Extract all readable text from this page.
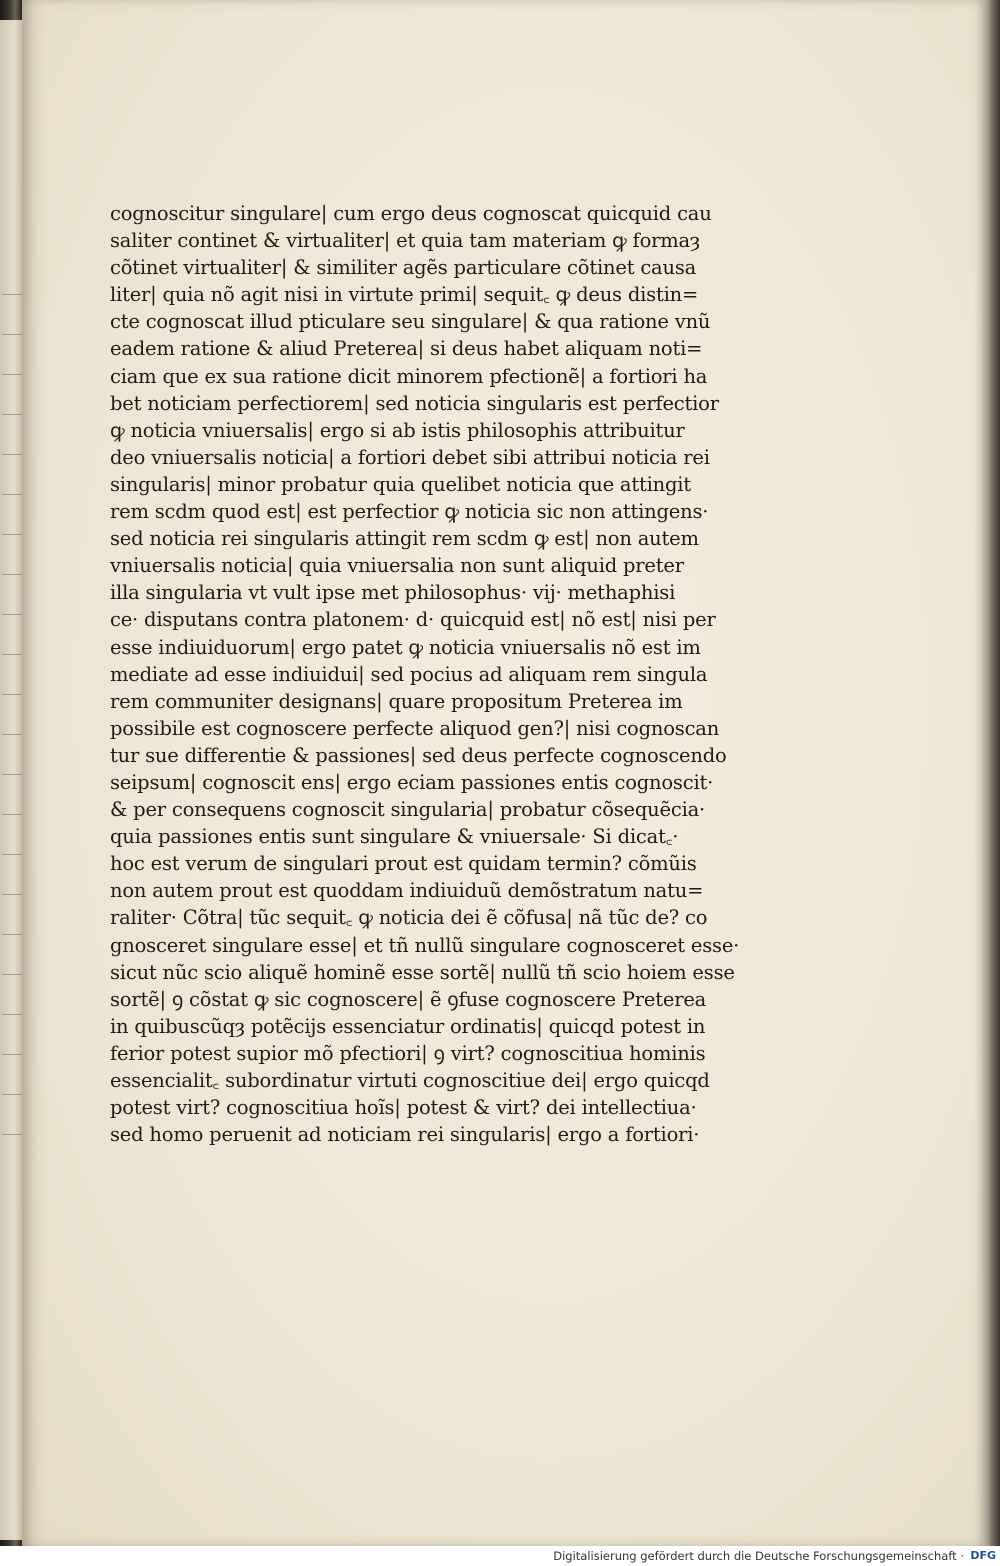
cognoscitur singulare| cum ergo deus cognoscat quicquid cau
saliter continet & virtualiter| et quia tam materiam ꝙ formaȝ
cõtinet virtualiter| & similiter agẽs particulare cõtinet causa
liter| quia nõ agit nisi in virtute primi| sequit꜀ ꝙ deus distin=
cte cognoscat illud pticulare seu singulare| & qua ratione vnũ
eadem ratione & aliud Preterea| si deus habet aliquam noti=
ciam que ex sua ratione dicit minorem pfectionẽ| a fortiori ha
bet noticiam perfectiorem| sed noticia singularis est perfectior
ꝙ noticia vniuersalis| ergo si ab istis philosophis attribuitur
deo vniuersalis noticia| a fortiori debet sibi attribui noticia rei
singularis| minor probatur quia quelibet noticia que attingit
rem scdm quod est| est perfectior ꝙ noticia sic non attingens·
sed noticia rei singularis attingit rem scdm ꝙ est| non autem
vniuersalis noticia| quia vniuersalia non sunt aliquid preter
illa singularia vt vult ipse met philosophus· vij· methaphisi
ce· disputans contra platonem· d· quicquid est| nõ est| nisi per
esse indiuiduorum| ergo patet ꝙ noticia vniuersalis nõ est im
mediate ad esse indiuidui| sed pocius ad aliquam rem singula
rem communiter designans| quare propositum Preterea im
possibile est cognoscere perfecte aliquod gen?| nisi cognoscan
tur sue differentie & passiones| sed deus perfecte cognoscendo
seipsum| cognoscit ens| ergo eciam passiones entis cognoscit·
& per consequens cognoscit singularia| probatur cõsequẽcia·
quia passiones entis sunt singulare & vniuersale· Si dicat꜀·
hoc est verum de singulari prout est quidam termin? cõmũis
non autem prout est quoddam indiuiduũ demõstratum natu=
raliter· Cõtra| tũc sequit꜀ ꝙ noticia dei ẽ cõfusa| nã tũc de? co
gnosceret singulare esse| et tñ nullũ singulare cognosceret esse·
sicut nũc scio aliquẽ hominẽ esse sortẽ| nullũ tñ scio hoiem esse
sortẽ| ꝯ cõstat ꝙ sic cognoscere| ẽ ꝯfuse cognoscere Preterea
in quibuscũqȝ potẽcijs essenciatur ordinatis| quicqd potest in
ferior potest supior mõ pfectiori| ꝯ virt? cognoscitiua hominis
essencialit꜀ subordinatur virtuti cognoscitiue dei| ergo quicqd
potest virt? cognoscitiua hoĩs| potest & virt? dei intellectiua·
sed homo peruenit ad noticiam rei singularis| ergo a fortiori·
Digitalisierung gefördert durch die Deutsche Forschungsgemeinschaft · DFG
